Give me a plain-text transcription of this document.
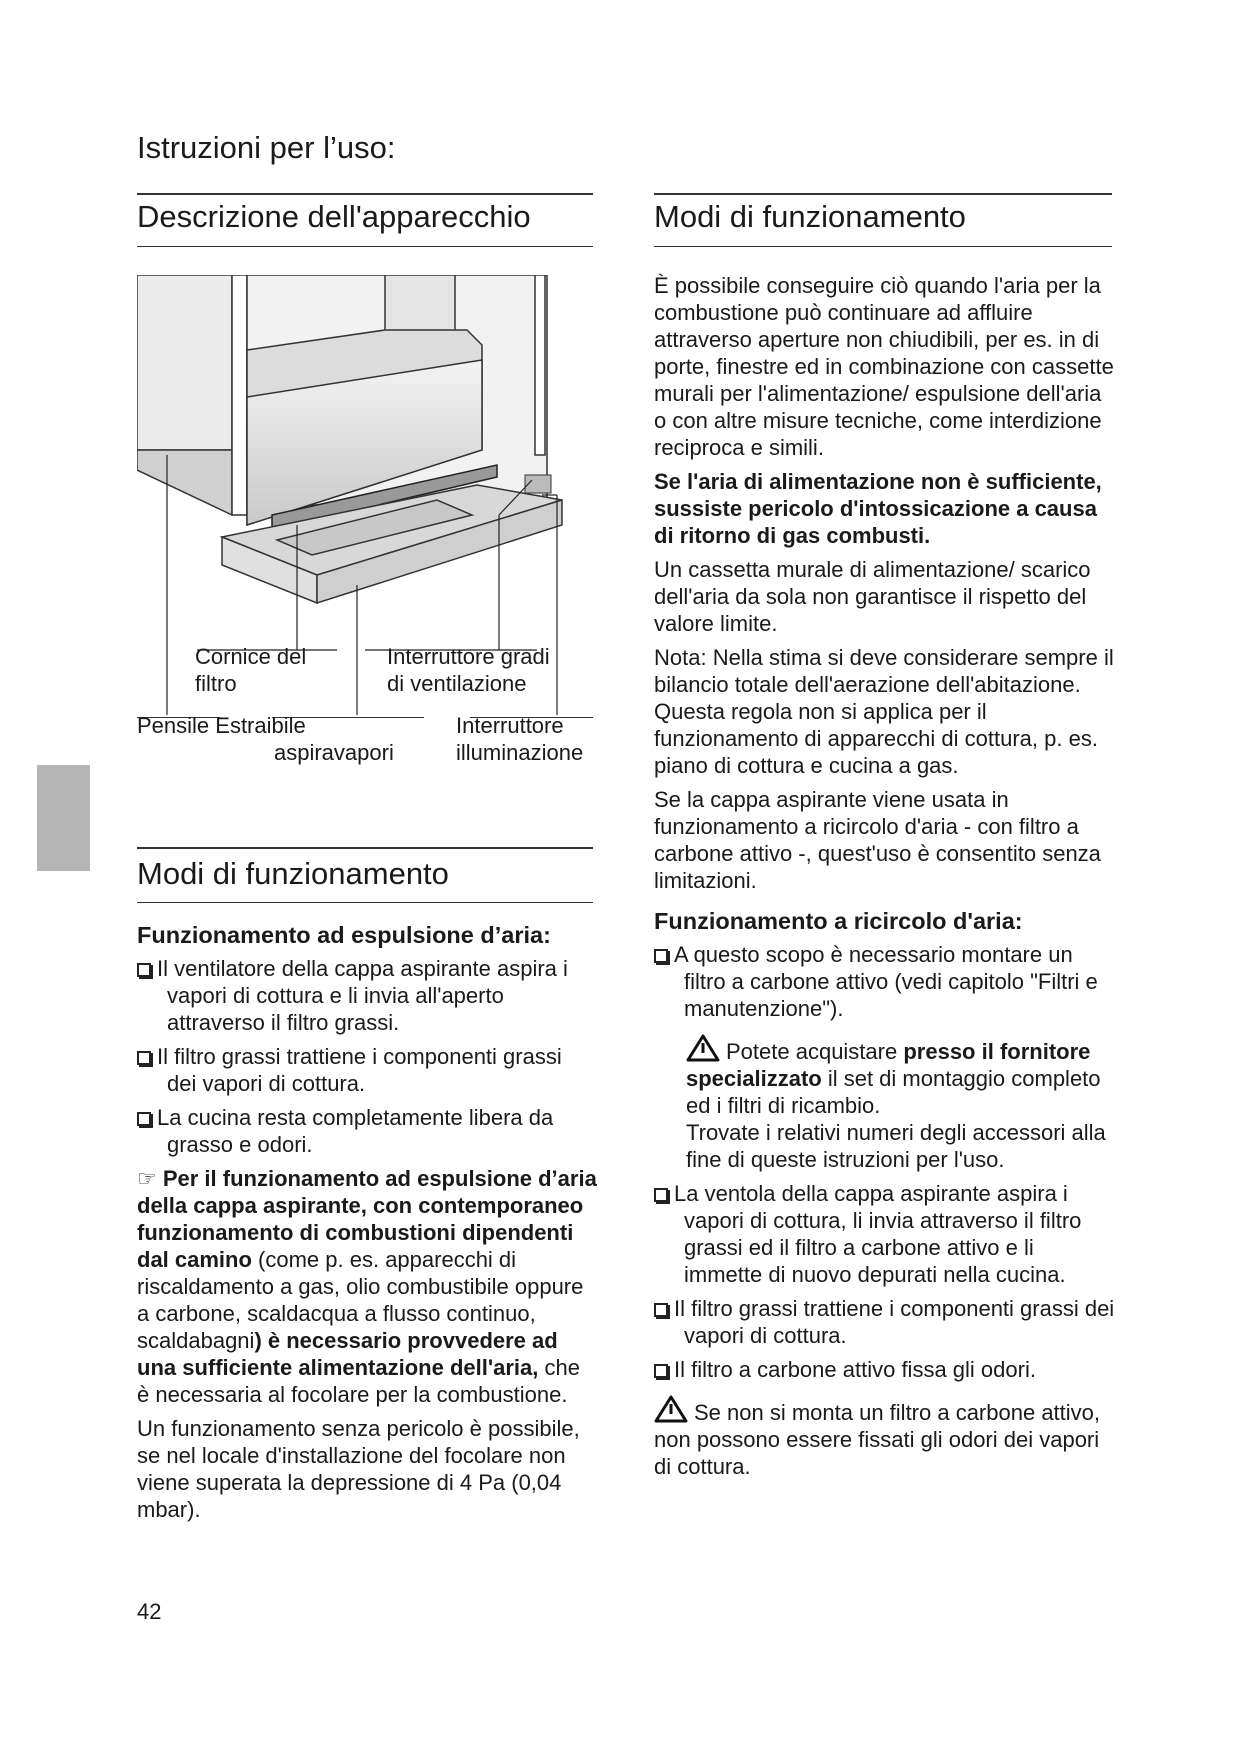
Istruzioni per l’uso:
Descrizione dell'apparecchio
Cornice del
filtro
Interruttore gradi
di ventilazione
Pensile Estraibile
aspiravapori
Interruttore
illuminazione
Modi di funzionamento
Funzionamento ad espulsione d’aria:

Il ventilatore della cappa aspirante aspira i vapori di cottura e li invia all'aperto attraverso il filtro grassi.

Il filtro grassi trattiene i componenti grassi dei vapori di cottura.

La cucina resta completamente libera da grasso e odori.

☞ Per il funzionamento ad espulsione d’aria della cappa aspirante, con contemporaneo funzionamento di combustioni dipendenti dal camino (come p. es. apparecchi di riscaldamento a gas, olio combustibile oppure a carbone, scaldacqua a flusso continuo, scaldabagni) è necessario provvedere ad una sufficiente alimentazione dell'aria, che è necessaria al focolare per la combustione.

Un funzionamento senza pericolo è possibile, se nel locale d'installazione del focolare non viene superata la depressione di 4 Pa (0,04 mbar).

42
Modi di funzionamento

È possibile conseguire ciò quando l'aria per la combustione può continuare ad affluire attraverso aperture non chiudibili, per es. in di porte, finestre ed in combinazione con cassette murali per l'alimentazione/ espulsione dell'aria o con altre misure tecniche, come interdizione reciproca e simili.

Se l'aria di alimentazione non è sufficiente, sussiste pericolo d'intossicazione a causa di ritorno di gas combusti.

Un cassetta murale di alimentazione/ scarico dell'aria da sola non garantisce il rispetto del valore limite.

Nota: Nella stima si deve considerare sempre il bilancio totale dell'aerazione dell'abitazione. Questa regola non si applica per il funzionamento di apparecchi di cottura, p. es. piano di cottura e cucina a gas.

Se la cappa aspirante viene usata in funzionamento a ricircolo d'aria - con filtro a carbone attivo -, quest'uso è consentito senza limitazioni.

Funzionamento a ricircolo d'aria:

A questo scopo è necessario montare un filtro a carbone attivo (vedi capitolo "Filtri e manutenzione").

Potete acquistare presso il fornitore specializzato il set di montaggio completo ed i filtri di ricambio.
Trovate i relativi numeri degli accessori alla fine di queste istruzioni per l'uso.

La ventola della cappa aspirante aspira i vapori di cottura, li invia attraverso il filtro grassi ed il filtro a carbone attivo e li immette di nuovo depurati nella cucina.

Il filtro grassi trattiene i componenti grassi dei vapori di cottura.

Il filtro a carbone attivo fissa gli odori.

Se non si monta un filtro a carbone attivo, non possono essere fissati gli odori dei vapori di cottura.
